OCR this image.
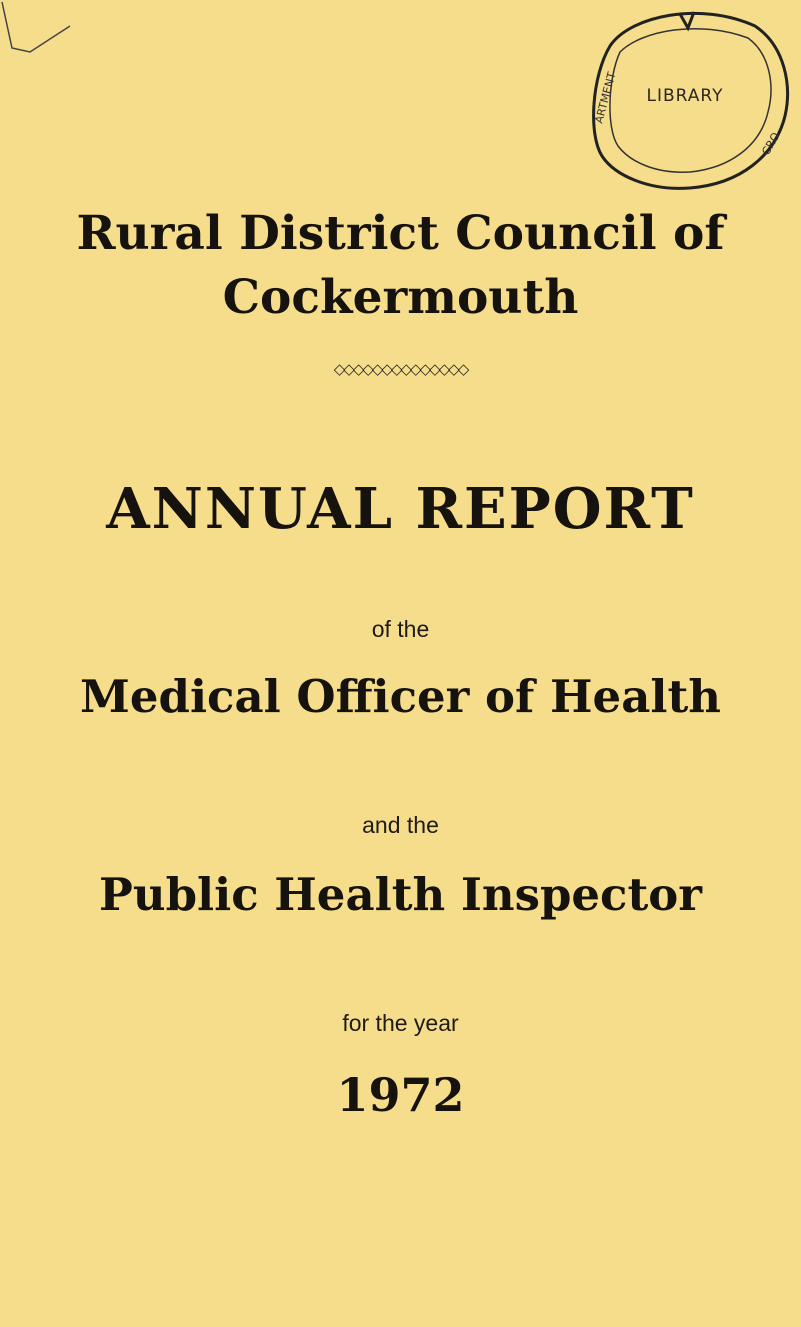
ARTMENT
CRO
LIBRARY
Rural District Council of
Cockermouth
◇◇◇◇◇◇◇◇◇◇◇◇◇◇
ANNUAL REPORT
of the
Medical Officer of Health
and the
Public Health Inspector
for the year
1972
